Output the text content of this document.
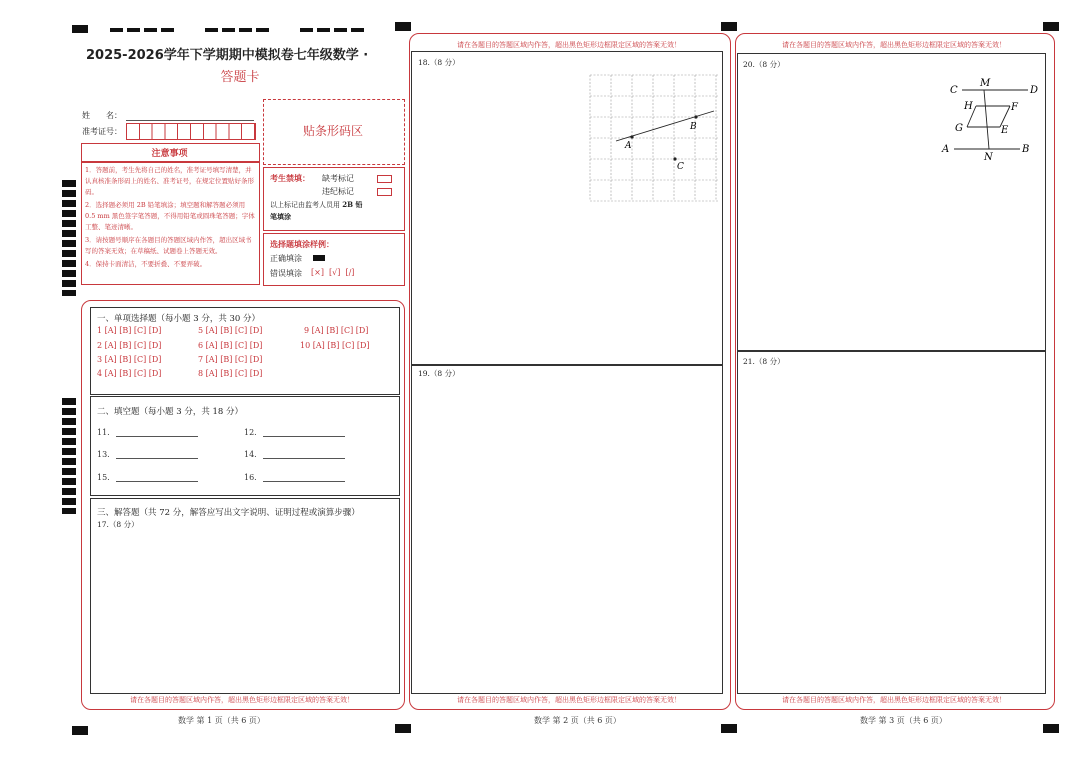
2025-2026学年下学期期中模拟卷七年级数学 ·
答题卡
姓　　名：
准考证号：	贴条形码区
注意事项
1．答题前，考生先将自己的姓名，准考证号填写清楚，并认真核准条形码上的姓名、准考证号，在规定位置贴好条形码。
2．选择题必须用 2B 铅笔填涂；填空题和解答题必须用 0.5 mm 黑色签字笔答题，不得用铅笔或圆珠笔答题；字体工整、笔迹清晰。
3．请按题号顺序在各题目的答题区域内作答，超出区域书写的答案无效；在草稿纸、试题卷上答题无效。
4．保持卡面清洁，不要折叠、不要弄破。
考生禁填： 缺考标记
违纪标记
以上标记由监考人员用 2B 铅
笔填涂
选择题填涂样例：
正确填涂
错误填涂 [×]  [√]  [/]
一、单项选择题（每小题 3 分，共 30 分）
1 [A] [B] [C] [D]
2 [A] [B] [C] [D]
3 [A] [B] [C] [D]
4 [A] [B] [C] [D]
5 [A] [B] [C] [D]
6 [A] [B] [C] [D]
7 [A] [B] [C] [D]
8 [A] [B] [C] [D]
9 [A] [B] [C] [D]
10 [A] [B] [C] [D]
二、填空题（每小题 3 分，共 18 分）
11.	12.
13.	14.
15.	16.
三、解答题（共 72 分，解答应写出文字说明、证明过程或演算步骤）
17.（8 分）
请在各题目的答题区域内作答，超出黑色矩形边框限定区域的答案无效！
数学 第 1 页（共 6 页）
请在各题目的答题区域内作答，超出黑色矩形边框限定区域的答案无效！
18.（8 分）
A
B
C
19.（8 分）
请在各题目的答题区域内作答，超出黑色矩形边框限定区域的答案无效！
数学 第 2 页（共 6 页）
请在各题目的答题区域内作答，超出黑色矩形边框限定区域的答案无效！
20.（8 分）
C
M
D
H	F
G	E
A
N
B
21.（8 分）
请在各题目的答题区域内作答，超出黑色矩形边框限定区域的答案无效！
数学 第 3 页（共 6 页）
